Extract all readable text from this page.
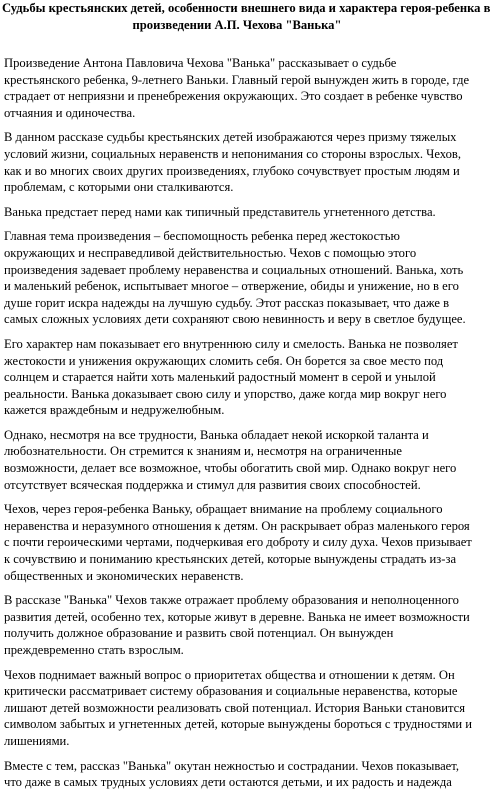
Судьбы крестьянских детей, особенности внешнего вида и характера героя-ребенка в
произведении А.П. Чехова "Ванька"

Произведение Антона Павловича Чехова "Ванька" рассказывает о судьбе крестьянского ребенка, 9-летнего Ваньки. Главный герой вынужден жить в городе, где страдает от неприязни и пренебрежения окружающих. Это создает в ребенке чувство отчаяния и одиночества.

В данном рассказе судьбы крестьянских детей изображаются через призму тяжелых условий жизни, социальных неравенств и непонимания со стороны взрослых. Чехов, как и во многих своих других произведениях, глубоко сочувствует простым людям и проблемам, с которыми они сталкиваются.

Ванька предстает перед нами как типичный представитель угнетенного детства.

Главная тема произведения – беспомощность ребенка перед жестокостью окружающих и несправедливой действительностью. Чехов с помощью этого произведения задевает проблему неравенства и социальных отношений. Ванька, хоть и маленький ребенок, испытывает многое – отвержение, обиды и унижение, но в его душе горит искра надежды на лучшую судьбу. Этот рассказ показывает, что даже в самых сложных условиях дети сохраняют свою невинность и веру в светлое будущее.

Его характер нам показывает его внутреннюю силу и смелость. Ванька не позволяет жестокости и унижения окружающих сломить себя. Он борется за свое место под солнцем и старается найти хоть маленький радостный момент в серой и унылой реальности. Ванька доказывает свою силу и упорство, даже когда мир вокруг него кажется враждебным и недружелюбным.

Однако, несмотря на все трудности, Ванька обладает некой искоркой таланта и любознательности. Он стремится к знаниям и, несмотря на ограниченные возможности, делает все возможное, чтобы обогатить свой мир. Однако вокруг него отсутствует всяческая поддержка и стимул для развития своих способностей.

Чехов, через героя-ребенка Ваньку, обращает внимание на проблему социального неравенства и неразумного отношения к детям. Он раскрывает образ маленького героя с почти героическими чертами, подчеркивая его доброту и силу духа. Чехов призывает к сочувствию и пониманию крестьянских детей, которые вынуждены страдать из-за общественных и экономических неравенств.

В рассказе "Ванька" Чехов также отражает проблему образования и неполноценного развития детей, особенно тех, которые живут в деревне. Ванька не имеет возможности получить должное образование и развить свой потенциал. Он вынужден преждевременно стать взрослым.

Чехов поднимает важный вопрос о приоритетах общества и отношении к детям. Он критически рассматривает систему образования и социальные неравенства, которые лишают детей возможности реализовать свой потенциал. История Ваньки становится символом забытых и угнетенных детей, которые вынуждены бороться с трудностями и лишениями.

Вместе с тем, рассказ "Ванька" окутан нежностью и сострадании. Чехов показывает, что даже в самых трудных условиях дети остаются детьми, и их радость и надежда
